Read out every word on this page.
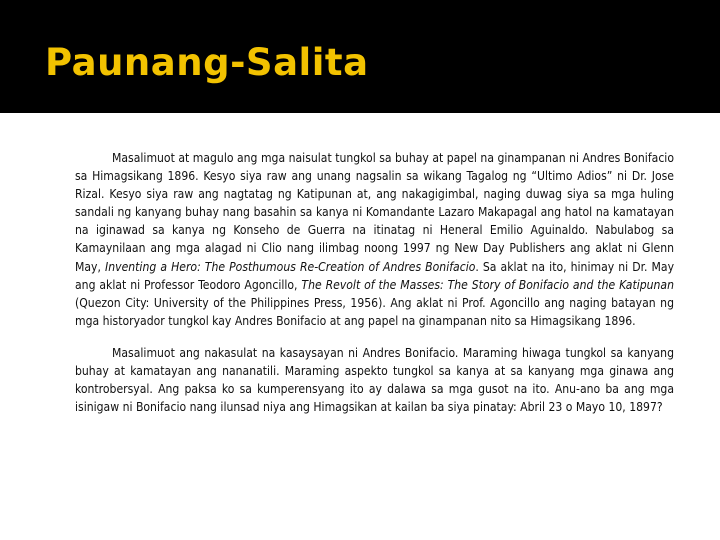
Paunang-Salita

Masalimuot at magulo ang mga naisulat tungkol sa buhay at papel na ginampanan ni Andres Bonifacio sa Himagsikang 1896. Kesyo siya raw ang unang nagsalin sa wikang Tagalog ng “Ultimo Adios” ni Dr. Jose Rizal. Kesyo siya raw ang nagtatag ng Katipunan at, ang nakagigimbal, naging duwag siya sa mga huling sandali ng kanyang buhay nang basahin sa kanya ni Komandante Lazaro Makapagal ang hatol na kamatayan na iginawad sa kanya ng Konseho de Guerra na itinatag ni Heneral Emilio Aguinaldo. Nabulabog sa Kamaynilaan ang mga alagad ni Clio nang ilimbag noong 1997 ng New Day Publishers ang aklat ni Glenn May, Inventing a Hero: The Posthumous Re-Creation of Andres Bonifacio. Sa aklat na ito, hinimay ni Dr. May ang aklat ni Professor Teodoro Agoncillo, The Revolt of the Masses: The Story of Bonifacio and the Katipunan (Quezon City: University of the Philippines Press, 1956). Ang aklat ni Prof. Agoncillo ang naging batayan ng mga historyador tungkol kay Andres Bonifacio at ang papel na ginampanan nito sa Himagsikang 1896.

Masalimuot ang nakasulat na kasaysayan ni Andres Bonifacio. Maraming hiwaga tungkol sa kanyang buhay at kamatayan ang nananatili. Maraming aspekto tungkol sa kanya at sa kanyang mga ginawa ang kontrobersyal. Ang paksa ko sa kumperensyang ito ay dalawa sa mga gusot na ito. Anu-ano ba ang mga isinigaw ni Bonifacio nang ilunsad niya ang Himagsikan at kailan ba siya pinatay: Abril 23 o Mayo 10, 1897?
